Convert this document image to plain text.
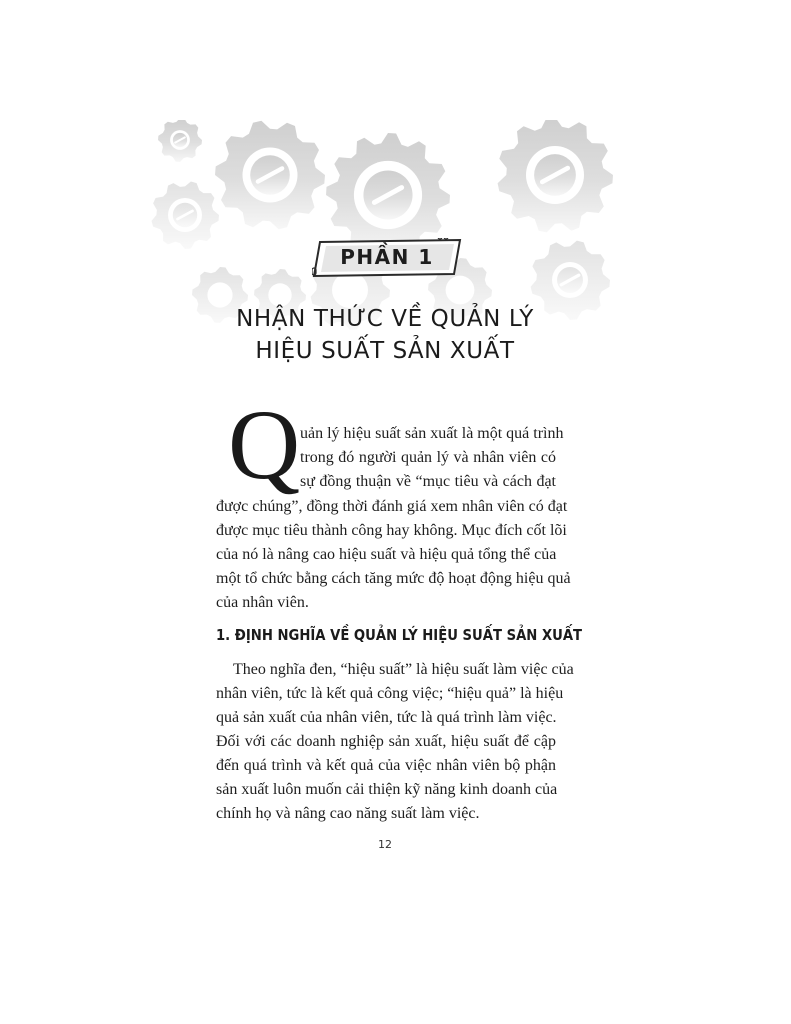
PHẦN 1
NHẬN THỨC VỀ QUẢN LÝ
HIỆU SUẤT SẢN XUẤT
Q uản lý hiệu suất sản xuất là một quá trình
trong đó người quản lý và nhân viên có
sự đồng thuận về “mục tiêu và cách đạt
được chúng”, đồng thời đánh giá xem nhân viên có đạt
được mục tiêu thành công hay không. Mục đích cốt lõi
của nó là nâng cao hiệu suất và hiệu quả tổng thể của
một tổ chức bằng cách tăng mức độ hoạt động hiệu quả
của nhân viên.
1. ĐỊNH NGHĨA VỀ QUẢN LÝ HIỆU SUẤT SẢN XUẤT
Theo nghĩa đen, “hiệu suất” là hiệu suất làm việc của
nhân viên, tức là kết quả công việc; “hiệu quả” là hiệu
quả sản xuất của nhân viên, tức là quá trình làm việc.
Đối với các doanh nghiệp sản xuất, hiệu suất để cập
đến quá trình và kết quả của việc nhân viên bộ phận
sản xuất luôn muốn cải thiện kỹ năng kinh doanh của
chính họ và nâng cao năng suất làm việc.
12
